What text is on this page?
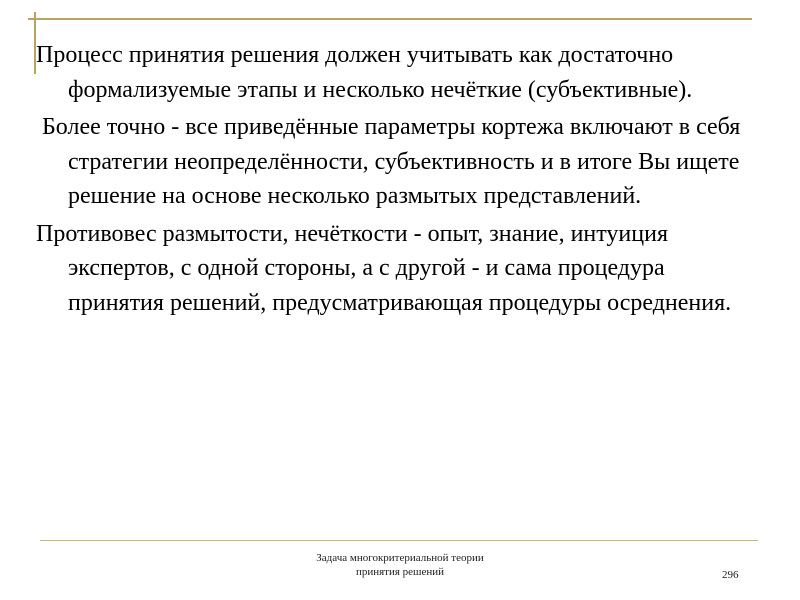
Процесс принятия решения должен учитывать как достаточно формализуемые этапы и несколько нечёткие (субъективные).

Более точно - все приведённые параметры кортежа включают в себя стратегии неопределённости, субъективность и в итоге Вы ищете решение на основе несколько размытых представлений.

Противовес размытости, нечёткости - опыт, знание, интуиция экспертов, с одной стороны, а с другой - и сама процедура принятия решений, предусматривающая процедуры осреднения.

Задача многокритериальной теории
принятия решений	296
